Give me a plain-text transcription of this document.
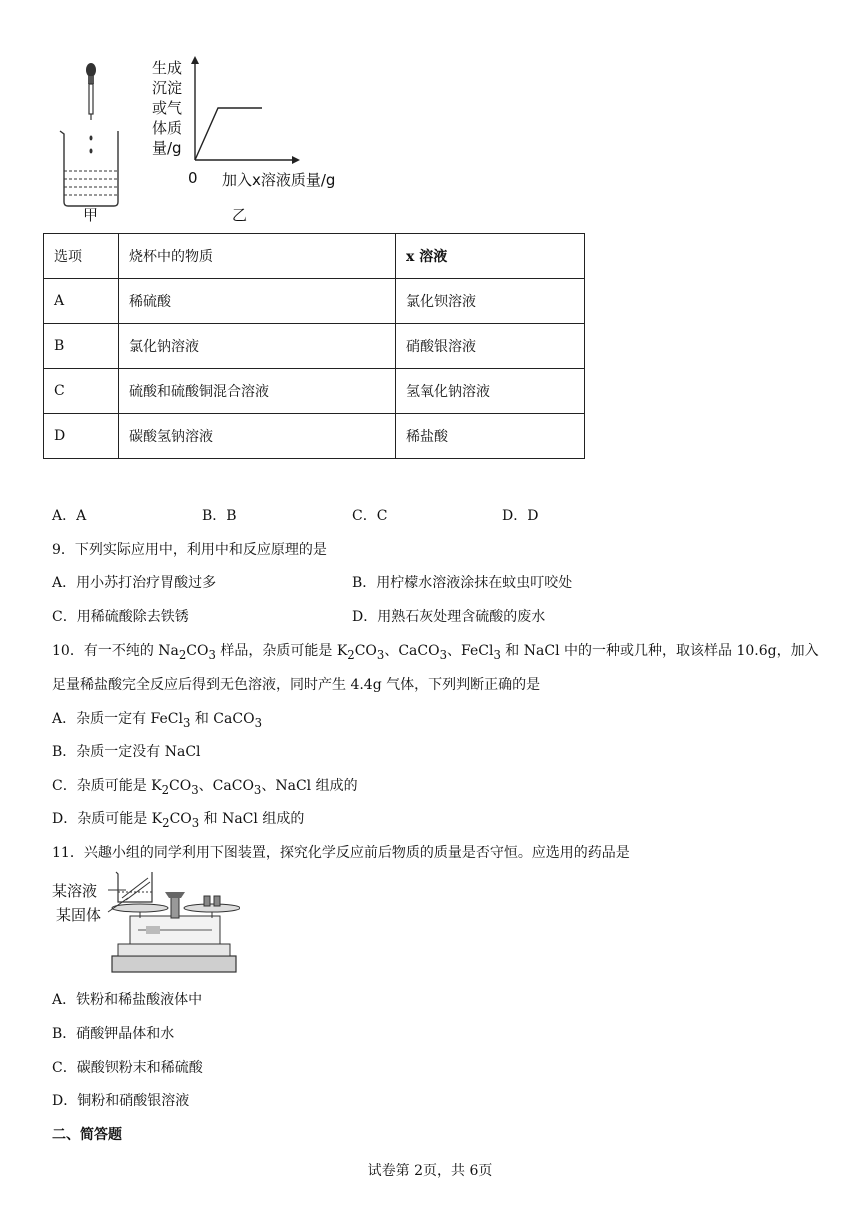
生成
沉淀
或气
体质
量/g
0 加入x溶液质量/g
甲	乙
选项	烧杯中的物质	x 溶液
A	稀硫酸	氯化钡溶液
B	氯化钠溶液	硝酸银溶液
C	硫酸和硫酸铜混合溶液	氢氧化钠溶液
D	碳酸氢钠溶液	稀盐酸
A．A	B．B	C．C	D．D
9．下列实际应用中，利用中和反应原理的是
A．用小苏打治疗胃酸过多	B．用柠檬水溶液涂抹在蚊虫叮咬处
C．用稀硫酸除去铁锈	D．用熟石灰处理含硫酸的废水
10．有一不纯的 $Na_2CO_3$ 样品，杂质可能是 $K_2CO_3$、CaCO$_3$、FeCl$_3$ 和 NaCl 中的一种或几种，取该样品 10.6g，加入
足量稀盐酸完全反应后得到无色溶液，同时产生 4.4g 气体，下列判断正确的是
A．杂质一定有 FeCl$_3$ 和 CaCO$_3$
B．杂质一定没有 NaCl
C．杂质可能是 $K_2CO_3$、CaCO$_3$、NaCl 组成的
D．杂质可能是 $K_2CO_3$ 和 NaCl 组成的
11．兴趣小组的同学利用下图装置，探究化学反应前后物质的质量是否守恒。应选用的药品是
某溶液
某固体
A．铁粉和稀盐酸液体中
B．硝酸钾晶体和水
C．碳酸钡粉末和稀硫酸
D．铜粉和硝酸银溶液
二、简答题
试卷第 2页，共 6页
